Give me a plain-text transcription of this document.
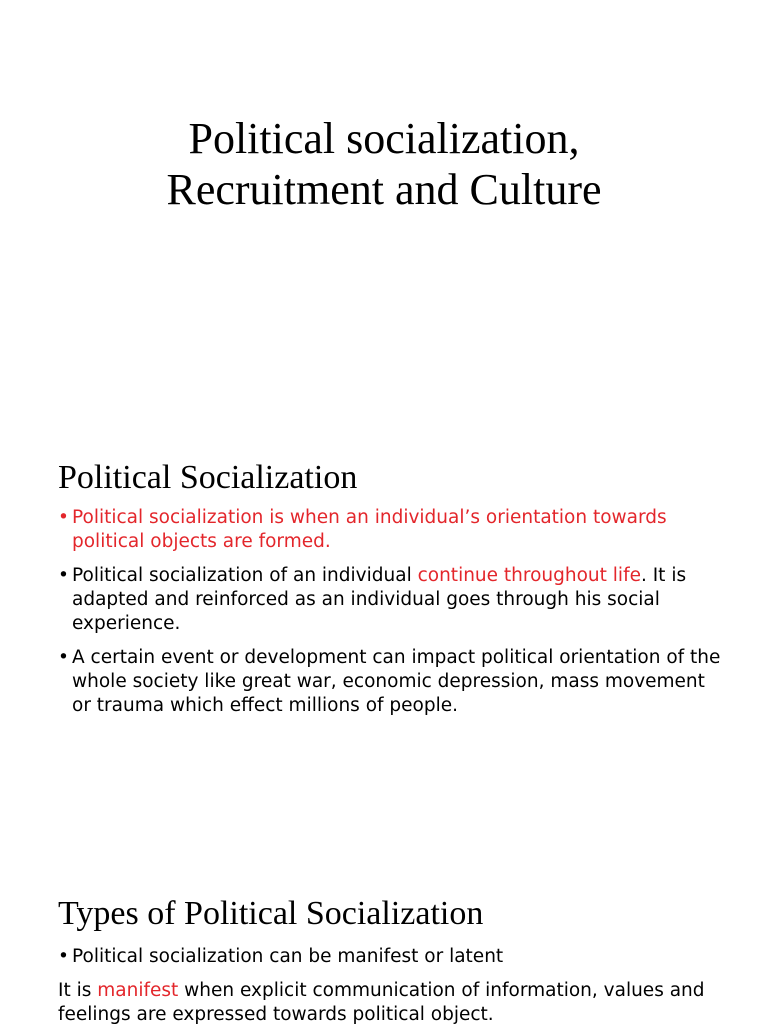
Political socialization,
Recruitment and Culture
Political Socialization

• Political socialization is when an individual’s orientation towards political objects are formed.

• Political socialization of an individual continue throughout life. It is adapted and reinforced as an individual goes through his social experience.

• A certain event or development can impact political orientation of the whole society like great war, economic depression, mass movement or trauma which effect millions of people.

Types of Political Socialization

• Political socialization can be manifest or latent

It is manifest when explicit communication of information, values and feelings are expressed towards political object.
